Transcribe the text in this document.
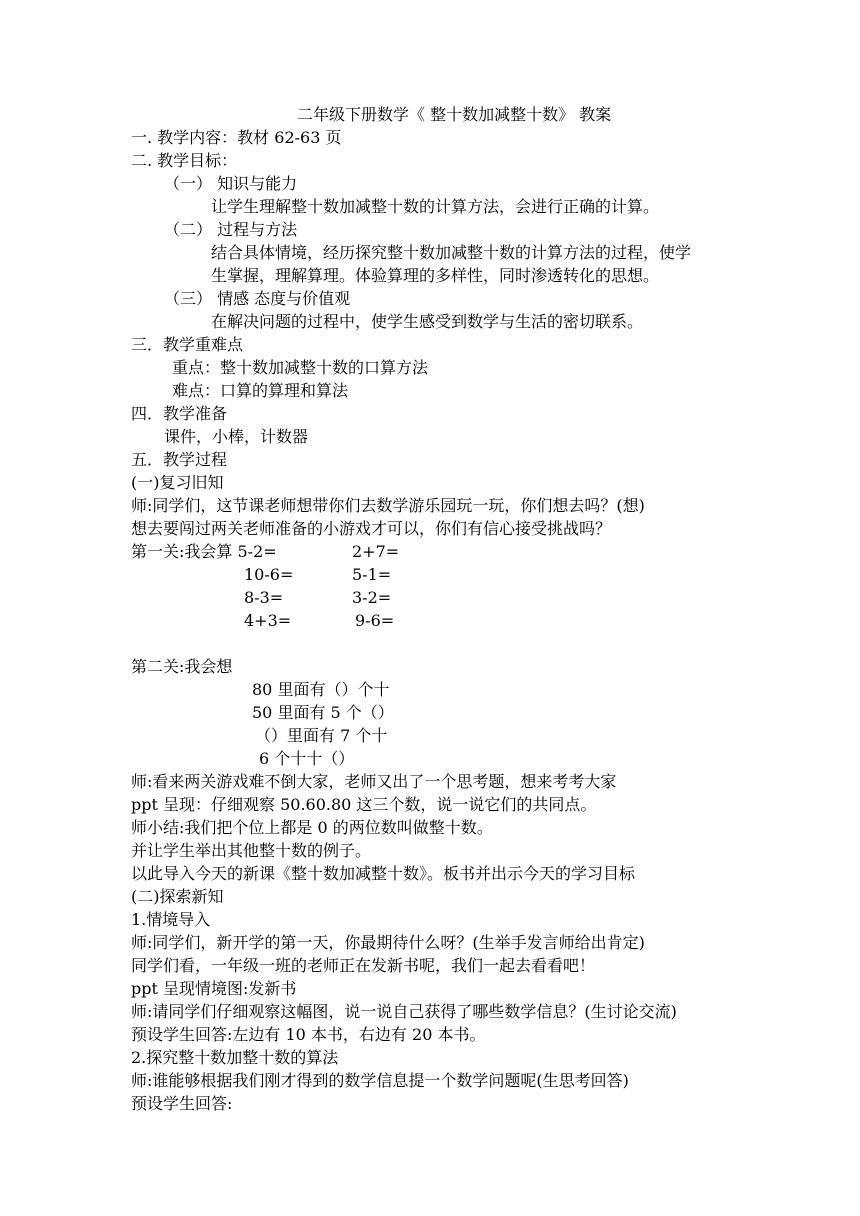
二年级下册数学《 整十数加减整十数》 教案
一. 教学内容：教材 62-63 页
二. 教学目标：
（一） 知识与能力
让学生理解整十数加减整十数的计算方法，会进行正确的计算。
（二） 过程与方法
结合具体情境，经历探究整十数加减整十数的计算方法的过程，使学
生掌握，理解算理。体验算理的多样性，同时渗透转化的思想。
（三） 情感 态度与价值观
在解决问题的过程中，使学生感受到数学与生活的密切联系。
三．教学重难点
重点：整十数加减整十数的口算方法
难点：口算的算理和算法
四．教学准备
课件，小棒，计数器
五．教学过程
(一)复习旧知
师:同学们，这节课老师想带你们去数学游乐园玩一玩，你们想去吗？(想)
想去要闯过两关老师准备的小游戏才可以，你们有信心接受挑战吗？
第一关:我会算 5-2=	2+7=
10-6=	5-1=
8-3=	3-2=
4+3=	9-6=
第二关:我会想
80 里面有（）个十
50 里面有 5 个（）
（）里面有 7 个十
6 个十十（）
师:看来两关游戏难不倒大家，老师又出了一个思考题，想来考考大家
ppt 呈现：仔细观察 50.60.80 这三个数，说一说它们的共同点。
师小结:我们把个位上都是 0 的两位数叫做整十数。
并让学生举出其他整十数的例子。
以此导入今天的新课《整十数加减整十数》。板书并出示今天的学习目标
(二)探索新知
1.情境导入
师:同学们，新开学的第一天，你最期待什么呀？(生举手发言师给出肯定)
同学们看，一年级一班的老师正在发新书呢，我们一起去看看吧！
ppt 呈现情境图:发新书
师:请同学们仔细观察这幅图，说一说自己获得了哪些数学信息？(生讨论交流)
预设学生回答:左边有 10 本书，右边有 20 本书。
2.探究整十数加整十数的算法
师:谁能够根据我们刚才得到的数学信息提一个数学问题呢(生思考回答)
预设学生回答:
